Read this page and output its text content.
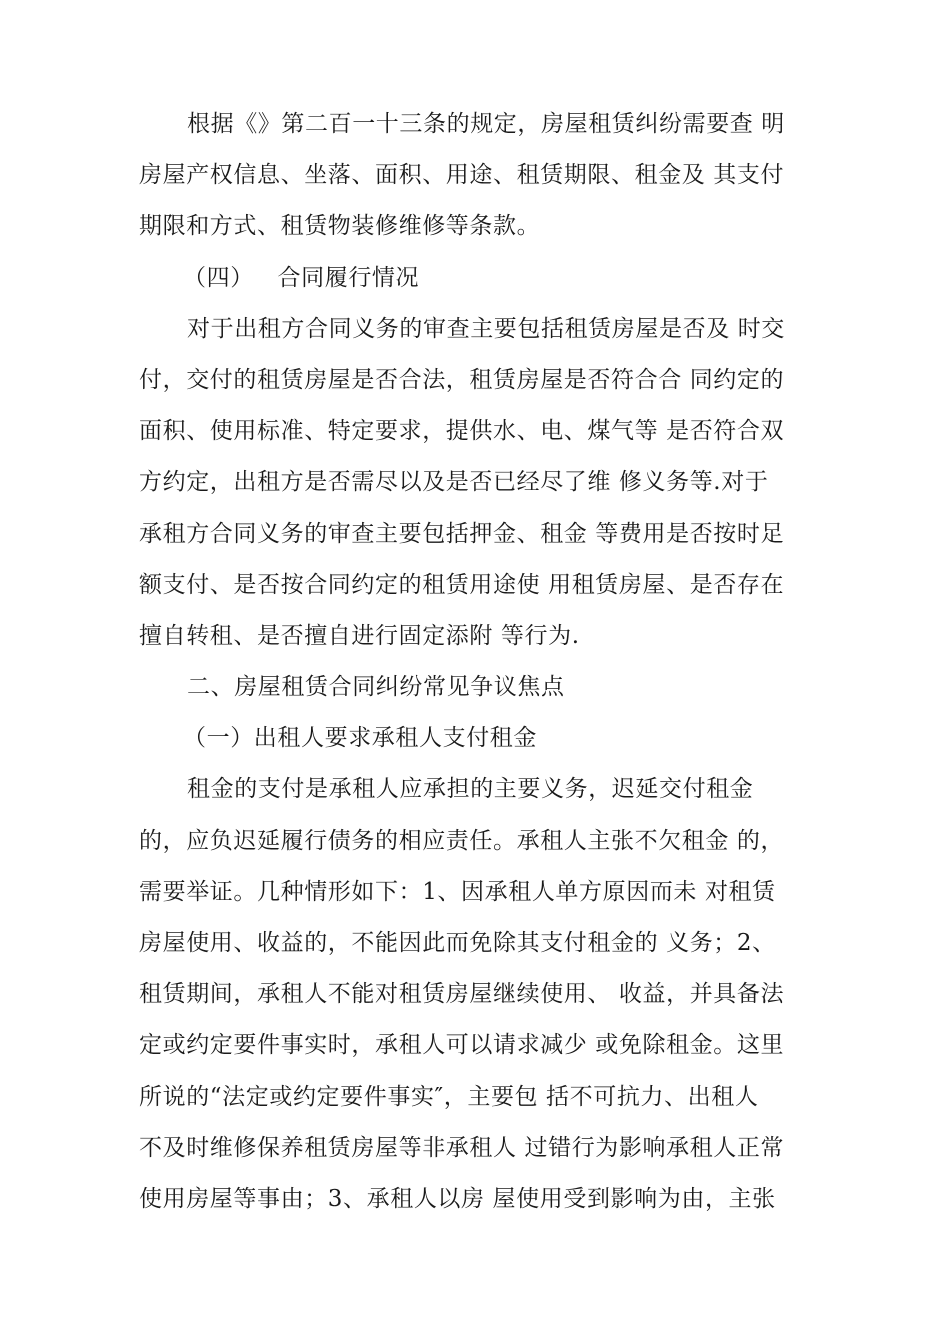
根据《》第二百一十三条的规定，房屋租赁纠纷需要查 明
房屋产权信息、坐落、面积、用途、租赁期限、租金及 其支付
期限和方式、租赁物装修维修等条款。
（四）   合同履行情况
对于出租方合同义务的审查主要包括租赁房屋是否及 时交
付，交付的租赁房屋是否合法，租赁房屋是否符合合 同约定的
面积、使用标准、特定要求，提供水、电、煤气等 是否符合双
方约定，出租方是否需尽以及是否已经尽了维 修义务等.对于
承租方合同义务的审查主要包括押金、租金 等费用是否按时足
额支付、是否按合同约定的租赁用途使 用租赁房屋、是否存在
擅自转租、是否擅自进行固定添附 等行为.
二、房屋租赁合同纠纷常见争议焦点
（一）出租人要求承租人支付租金
租金的支付是承租人应承担的主要义务，迟延交付租金
的，应负迟延履行债务的相应责任。承租人主张不欠租金 的，
需要举证。几种情形如下：1、因承租人单方原因而未 对租赁
房屋使用、收益的，不能因此而免除其支付租金的 义务；2、
租赁期间，承租人不能对租赁房屋继续使用、 收益，并具备法
定或约定要件事实时，承租人可以请求减少 或免除租金。这里
所说的“法定或约定要件事实″，主要包 括不可抗力、出租人
不及时维修保养租赁房屋等非承租人 过错行为影响承租人正常
使用房屋等事由；3、承租人以房 屋使用受到影响为由，主张
